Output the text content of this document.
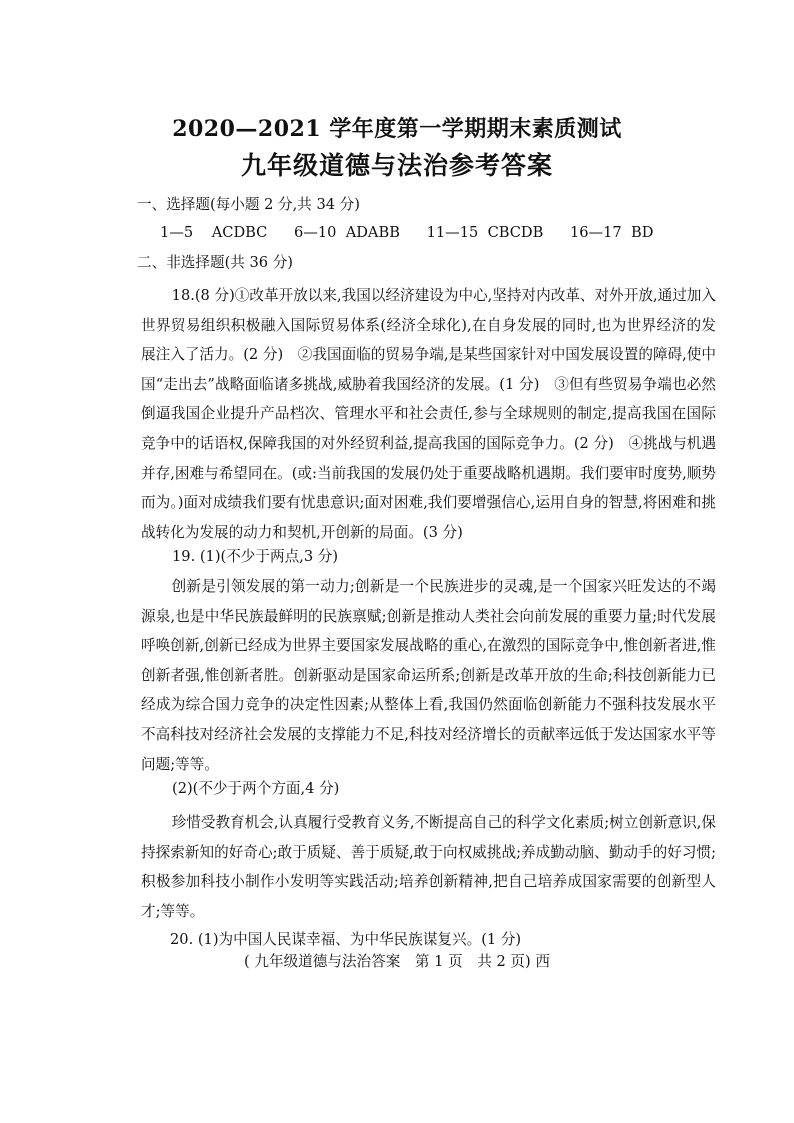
2020—2021 学年度第一学期期末素质测试
九年级道德与法治参考答案
一、选择题(每小题 2 分,共 34 分)
1—5 ACDBC 6—10 ADABB 11—15 CBCDB 16—17 BD
二、非选择题(共 36 分)

18.(8 分)①改革开放以来,我国以经济建设为中心,坚持对内改革、对外开放,通过加入世界贸易组织积极融入国际贸易体系(经济全球化),在自身发展的同时,也为世界经济的发展注入了活力。(2 分)　②我国面临的贸易争端,是某些国家针对中国发展设置的障碍,使中国“走出去”战略面临诸多挑战,威胁着我国经济的发展。(1 分)　③但有些贸易争端也必然倒逼我国企业提升产品档次、管理水平和社会责任,参与全球规则的制定,提高我国在国际竞争中的话语权,保障我国的对外经贸利益,提高我国的国际竞争力。(2 分)　④挑战与机遇并存,困难与希望同在。(或:当前我国的发展仍处于重要战略机遇期。我们要审时度势,顺势而为。)面对成绩我们要有忧患意识;面对困难,我们要增强信心,运用自身的智慧,将困难和挑战转化为发展的动力和契机,开创新的局面。(3 分)

19. (1)(不少于两点,3 分)

创新是引领发展的第一动力;创新是一个民族进步的灵魂,是一个国家兴旺发达的不竭源泉,也是中华民族最鲜明的民族禀赋;创新是推动人类社会向前发展的重要力量;时代发展呼唤创新,创新已经成为世界主要国家发展战略的重心,在激烈的国际竞争中,惟创新者进,惟创新者强,惟创新者胜。创新驱动是国家命运所系;创新是改革开放的生命;科技创新能力已经成为综合国力竞争的决定性因素;从整体上看,我国仍然面临创新能力不强科技发展水平不高科技对经济社会发展的支撑能力不足,科技对经济增长的贡献率远低于发达国家水平等问题;等等。

(2)(不少于两个方面,4 分)

珍惜受教育机会,认真履行受教育义务,不断提高自己的科学文化素质;树立创新意识,保持探索新知的好奇心;敢于质疑、善于质疑,敢于向权威挑战;养成勤动脑、勤动手的好习惯;积极参加科技小制作小发明等实践活动;培养创新精神,把自己培养成国家需要的创新型人才;等等。

20. (1)为中国人民谋幸福、为中华民族谋复兴。(1 分)
( 九年级道德与法治答案　第 1 页　共 2 页) 西
